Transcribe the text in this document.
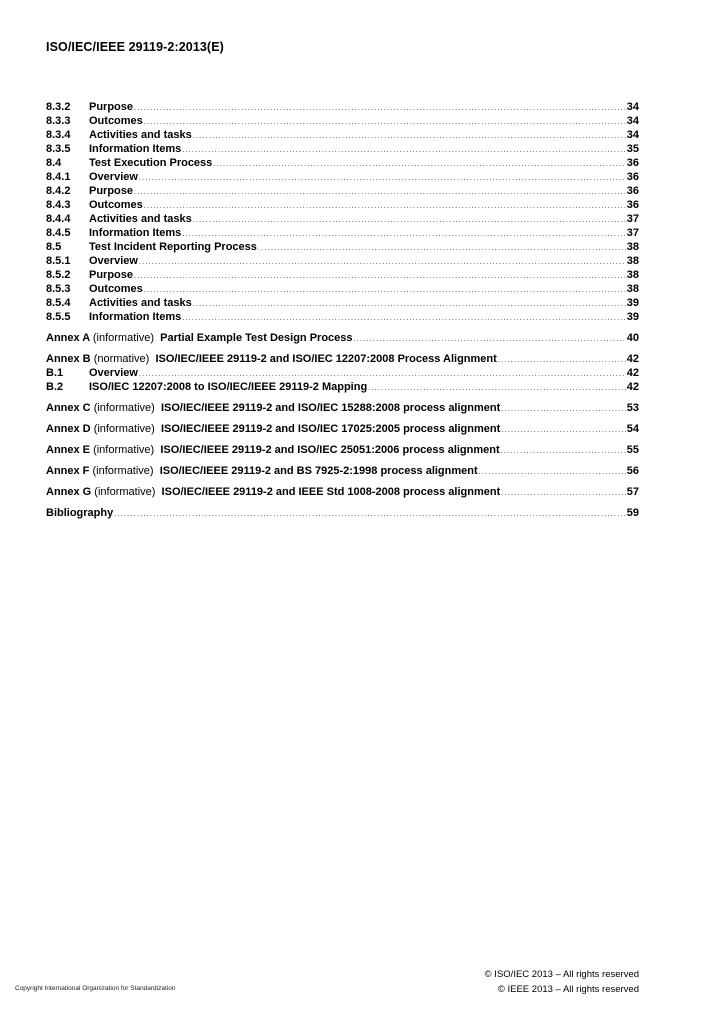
ISO/IEC/IEEE 29119-2:2013(E)
8.3.2	Purpose .....	34
8.3.3	Outcomes .....	34
8.3.4	Activities and tasks .....	34
8.3.5	Information Items .....	35
8.4	Test Execution Process .....	36
8.4.1	Overview .....	36
8.4.2	Purpose .....	36
8.4.3	Outcomes .....	36
8.4.4	Activities and tasks .....	37
8.4.5	Information Items .....	37
8.5	Test Incident Reporting Process .....	38
8.5.1	Overview .....	38
8.5.2	Purpose .....	38
8.5.3	Outcomes .....	38
8.5.4	Activities and tasks .....	39
8.5.5	Information Items .....	39
Annex A (informative) Partial Example Test Design Process .....	40
Annex B (normative) ISO/IEC/IEEE 29119-2 and ISO/IEC 12207:2008 Process Alignment .....	42
B.1	Overview .....	42
B.2	ISO/IEC 12207:2008 to ISO/IEC/IEEE 29119-2 Mapping .....	42
Annex C (informative) ISO/IEC/IEEE 29119-2 and ISO/IEC 15288:2008 process alignment .....	53
Annex D (informative) ISO/IEC/IEEE 29119-2 and ISO/IEC 17025:2005 process alignment .....	54
Annex E (informative) ISO/IEC/IEEE 29119-2 and ISO/IEC 25051:2006 process alignment .....	55
Annex F (informative) ISO/IEC/IEEE 29119-2 and BS 7925-2:1998 process alignment .....	56
Annex G (informative) ISO/IEC/IEEE 29119-2 and IEEE Std 1008-2008 process alignment .....	57
Bibliography .....	59
© ISO/IEC 2013 – All rights reserved
© IEEE 2013 – All rights reserved
Copyright International Organization for Standardization
